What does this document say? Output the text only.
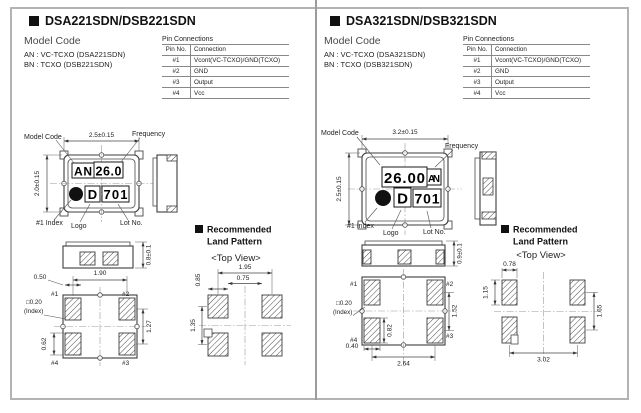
DSA221SDN/DSB221SDN
Model Code
AN : VC-TCXO (DSA221SDN)
BN : TCXO (DSB221SDN)
Pin Connections
Pin No.	Connection
#1	Vcont(VC-TCXO)/GND(TCXO)
#2	GND
#3	Output
#4	Vcc
AN 26.0
D 701
2.5±0.15
2.0±0.15
Model Code	Frequency
#1 Index Logo	Lot No.
0.8±0.1
#1	#2
#4	#3
1.90
0.50
□0.20
(Index)
1.27
0.62
Recommended
Land Pattern
<Top View>
1.95
0.75
0.85
1.35
DSA321SDN/DSB321SDN
Model Code
AN : VC-TCXO (DSA321SDN)
BN : TCXO (DSB321SDN)
Pin Connections
Pin No.	Connection
#1	Vcont(VC-TCXO)/GND(TCXO)
#2	GND
#3	Output
#4	Vcc
26.00 AN
D 701
3.2±0.15
2.5±0.15
Model Code
Frequency
#1 Index
Logo	Lot No.
0.9±0.1
#1	#2
#4
#3
□0.20
(Index)	1.52
0.82
0.40
2.64
Recommended
Land Pattern
<Top View>
0.78
1.15
1.65
3.02
